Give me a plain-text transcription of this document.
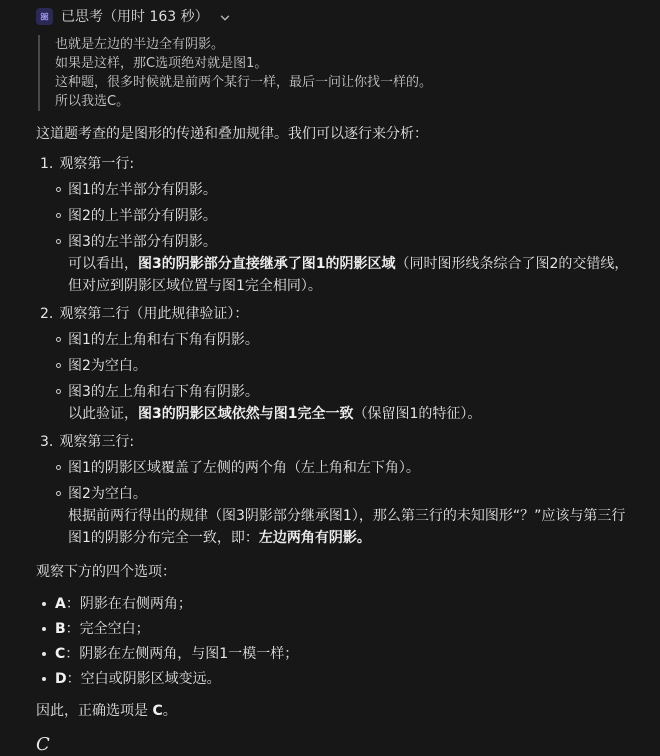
已思考（用时 163 秒）

也就是左边的半边全有阴影。

如果是这样，那C选项绝对就是图1。

这种题，很多时候就是前两个某行一样，最后一问让你找一样的。

所以我选C。

这道题考查的是图形的传递和叠加规律。我们可以逐行来分析：

1. 观察第一行:

图1的左半部分有阴影。
图2的上半部分有阴影。
图3的左半部分有阴影。

可以看出，图3的阴影部分直接继承了图1的阴影区域（同时图形线条综合了图2的交错线，但对应到阴影区域位置与图1完全相同）。

2. 观察第二行（用此规律验证）：

图1的左上角和右下角有阴影。
图2为空白。
图3的左上角和右下角有阴影。

以此验证，图3的阴影区域依然与图1完全一致（保留图1的特征）。

3. 观察第三行:

图1的阴影区域覆盖了左侧的两个角（左上角和左下角）。
图2为空白。

根据前两行得出的规律（图3阴影部分继承图1），那么第三行的未知图形“？”应该与第三行图1的阴影分布完全一致，即：左边两角有阴影。

观察下方的四个选项：

A：阴影在右侧两角；
B：完全空白；
C：阴影在左侧两角，与图1一模一样；
D：空白或阴影区域变远。

因此，正确选项是 C。

C
